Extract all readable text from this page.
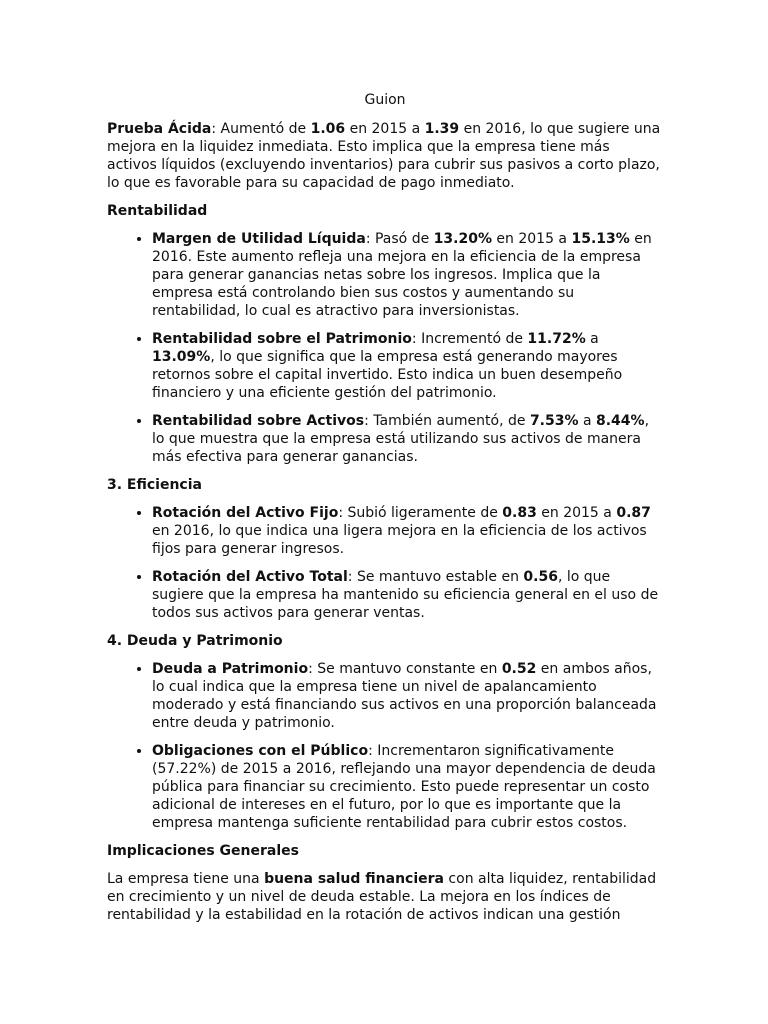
Guion

Prueba Ácida: Aumentó de 1.06 en 2015 a 1.39 en 2016, lo que sugiere una mejora en la liquidez inmediata. Esto implica que la empresa tiene más activos líquidos (excluyendo inventarios) para cubrir sus pasivos a corto plazo, lo que es favorable para su capacidad de pago inmediato.

Rentabilidad
• Margen de Utilidad Líquida: Pasó de 13.20% en 2015 a 15.13% en 2016. Este aumento refleja una mejora en la eficiencia de la empresa para generar ganancias netas sobre los ingresos. Implica que la empresa está controlando bien sus costos y aumentando su rentabilidad, lo cual es atractivo para inversionistas.
• Rentabilidad sobre el Patrimonio: Incrementó de 11.72% a 13.09%, lo que significa que la empresa está generando mayores retornos sobre el capital invertido. Esto indica un buen desempeño financiero y una eficiente gestión del patrimonio.
• Rentabilidad sobre Activos: También aumentó, de 7.53% a 8.44%, lo que muestra que la empresa está utilizando sus activos de manera más efectiva para generar ganancias.
3. Eficiencia
• Rotación del Activo Fijo: Subió ligeramente de 0.83 en 2015 a 0.87 en 2016, lo que indica una ligera mejora en la eficiencia de los activos fijos para generar ingresos.
• Rotación del Activo Total: Se mantuvo estable en 0.56, lo que sugiere que la empresa ha mantenido su eficiencia general en el uso de todos sus activos para generar ventas.
4. Deuda y Patrimonio
• Deuda a Patrimonio: Se mantuvo constante en 0.52 en ambos años, lo cual indica que la empresa tiene un nivel de apalancamiento moderado y está financiando sus activos en una proporción balanceada entre deuda y patrimonio.
• Obligaciones con el Público: Incrementaron significativamente (57.22%) de 2015 a 2016, reflejando una mayor dependencia de deuda pública para financiar su crecimiento. Esto puede representar un costo adicional de intereses en el futuro, por lo que es importante que la empresa mantenga suficiente rentabilidad para cubrir estos costos.
Implicaciones Generales

La empresa tiene una buena salud financiera con alta liquidez, rentabilidad en crecimiento y un nivel de deuda estable. La mejora en los índices de rentabilidad y la estabilidad en la rotación de activos indican una gestión
